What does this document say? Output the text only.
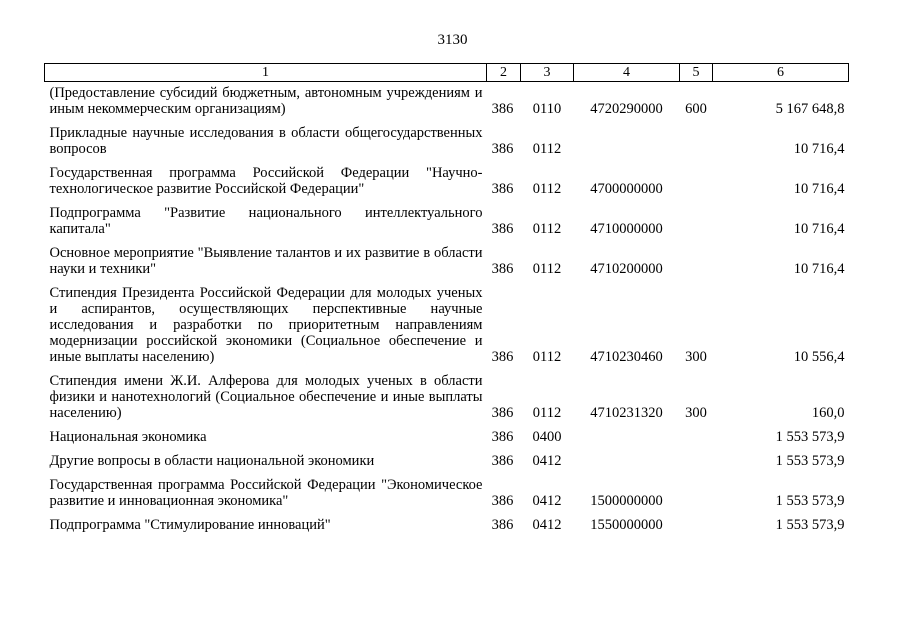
3130
1	2	3	4	5	6
(Предоставление субсидий бюджетным, автономным учреждениям и иным некоммерческим организациям)	386	0110	4720290000	600	5 167 648,8
Прикладные научные исследования в области общегосударственных вопросов	386	0112			10 716,4
Государственная программа Российской Федерации "Научно-технологическое развитие Российской Федерации"	386	0112	4700000000		10 716,4
Подпрограмма "Развитие национального интеллектуального капитала"	386	0112	4710000000		10 716,4
Основное мероприятие "Выявление талантов и их развитие в области науки и техники"	386	0112	4710200000		10 716,4
Стипендия Президента Российской Федерации для молодых ученых и аспирантов, осуществляющих перспективные научные исследования и разработки по приоритетным направлениям модернизации российской экономики (Социальное обеспечение и иные выплаты населению)	386	0112	4710230460	300	10 556,4
Стипендия имени Ж.И. Алферова для молодых ученых в области физики и нанотехнологий (Социальное обеспечение и иные выплаты населению)	386	0112	4710231320	300	160,0
Национальная экономика	386	0400			1 553 573,9
Другие вопросы в области национальной экономики	386	0412			1 553 573,9
Государственная программа Российской Федерации "Экономическое развитие и инновационная экономика"	386	0412	1500000000		1 553 573,9
Подпрограмма "Стимулирование инноваций"	386	0412	1550000000		1 553 573,9
